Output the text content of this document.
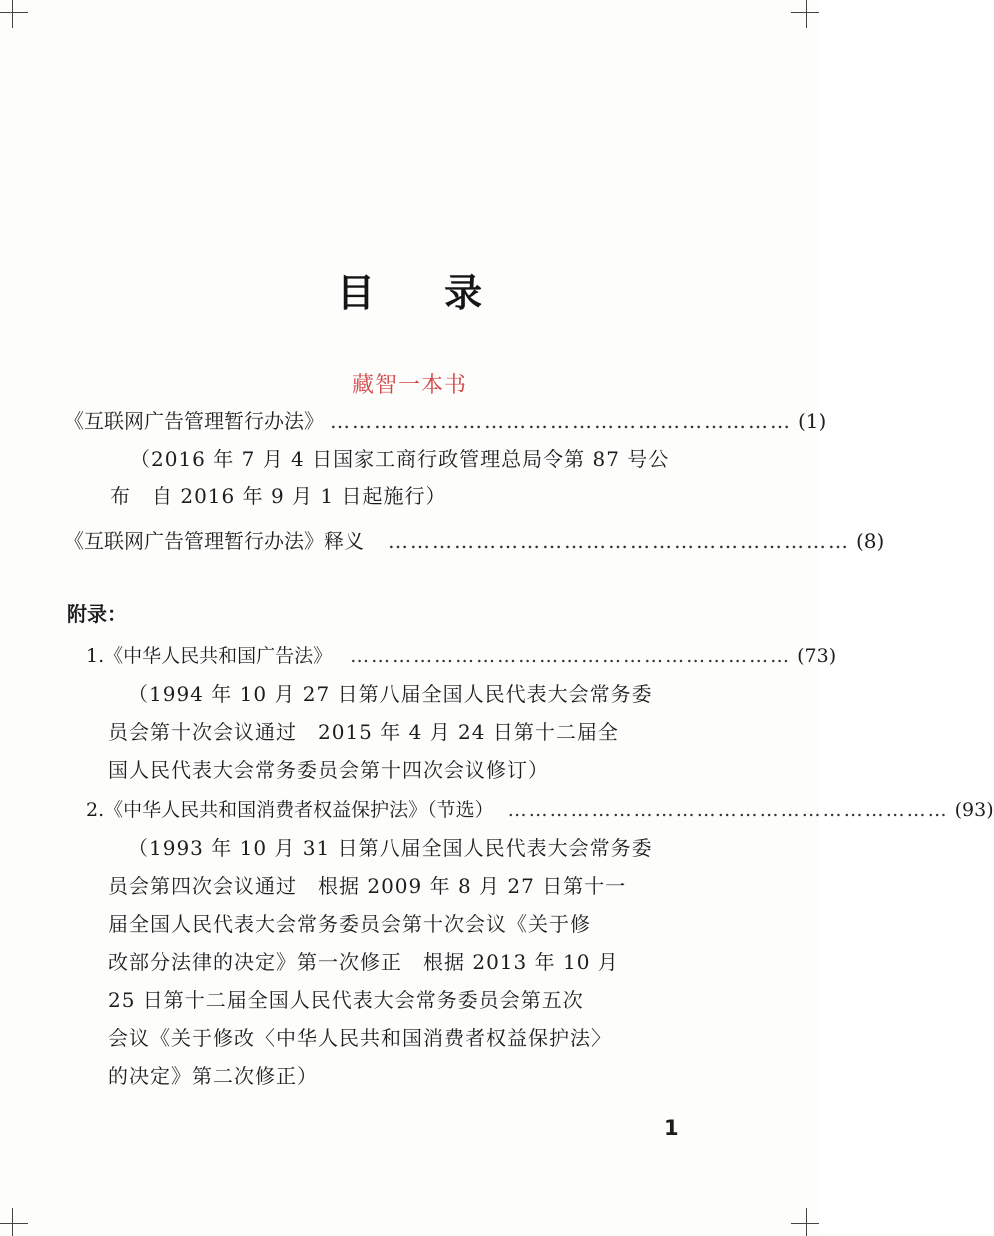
目 录
藏智一本书
《互联网广告管理暂行办法》 ……………………………………………………… (1)
（2016 年 7 月 4 日国家工商行政管理总局令第 87 号公
布　自 2016 年 9 月 1 日起施行）
《互联网广告管理暂行办法》释义 ……………………………………………………… (8)
附录：
1.《中华人民共和国广告法》 ……………………………………………………… (73)
（1994 年 10 月 27 日第八届全国人民代表大会常务委
员会第十次会议通过　2015 年 4 月 24 日第十二届全
国人民代表大会常务委员会第十四次会议修订）
2.《中华人民共和国消费者权益保护法》（节选） ……………………………………………………… (93)
（1993 年 10 月 31 日第八届全国人民代表大会常务委
员会第四次会议通过　根据 2009 年 8 月 27 日第十一
届全国人民代表大会常务委员会第十次会议《关于修
改部分法律的决定》第一次修正　根据 2013 年 10 月
25 日第十二届全国人民代表大会常务委员会第五次
会议《关于修改〈中华人民共和国消费者权益保护法〉
的决定》第二次修正）
1
